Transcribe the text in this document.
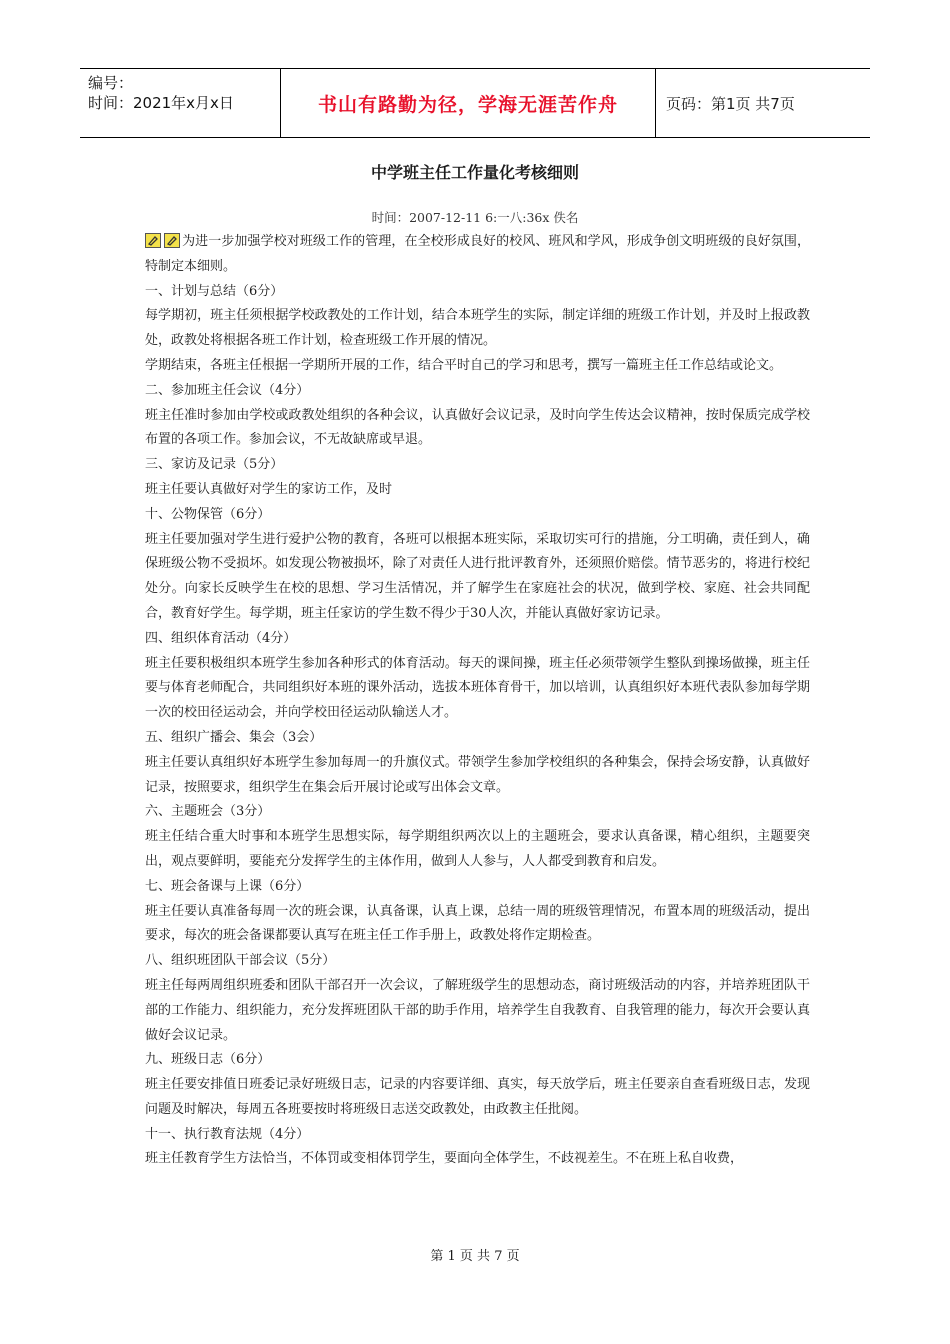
编号：
时间：2021年x月x日	书山有路勤为径，学海无涯苦作舟	页码：第1页 共7页
中学班主任工作量化考核细则
时间：2007-12-11 6:一八:36x 佚名

为进一步加强学校对班级工作的管理，在全校形成良好的校风、班风和学风，形成争创文明班级的良好氛围，特制定本细则。

一、计划与总结（6分）

每学期初，班主任须根据学校政教处的工作计划，结合本班学生的实际，制定详细的班级工作计划，并及时上报政教处，政教处将根据各班工作计划，检查班级工作开展的情况。

学期结束，各班主任根据一学期所开展的工作，结合平时自己的学习和思考，撰写一篇班主任工作总结或论文。

二、参加班主任会议（4分）

班主任准时参加由学校或政教处组织的各种会议，认真做好会议记录，及时向学生传达会议精神，按时保质完成学校布置的各项工作。参加会议，不无故缺席或早退。

三、家访及记录（5分）

班主任要认真做好对学生的家访工作，及时

十、公物保管（6分）

班主任要加强对学生进行爱护公物的教育，各班可以根据本班实际，采取切实可行的措施，分工明确，责任到人，确保班级公物不受损坏。如发现公物被损坏，除了对责任人进行批评教育外，还须照价赔偿。情节恶劣的，将进行校纪处分。向家长反映学生在校的思想、学习生活情况，并了解学生在家庭社会的状况，做到学校、家庭、社会共同配合，教育好学生。每学期，班主任家访的学生数不得少于30人次，并能认真做好家访记录。

四、组织体育活动（4分）

班主任要积极组织本班学生参加各种形式的体育活动。每天的课间操，班主任必须带领学生整队到操场做操，班主任要与体育老师配合，共同组织好本班的课外活动，选拔本班体育骨干，加以培训，认真组织好本班代表队参加每学期一次的校田径运动会，并向学校田径运动队输送人才。

五、组织广播会、集会（3会）

班主任要认真组织好本班学生参加每周一的升旗仪式。带领学生参加学校组织的各种集会，保持会场安静，认真做好记录，按照要求，组织学生在集会后开展讨论或写出体会文章。

六、主题班会（3分）

班主任结合重大时事和本班学生思想实际，每学期组织两次以上的主题班会，要求认真备课，精心组织，主题要突出，观点要鲜明，要能充分发挥学生的主体作用，做到人人参与，人人都受到教育和启发。

七、班会备课与上课（6分）

班主任要认真准备每周一次的班会课，认真备课，认真上课，总结一周的班级管理情况，布置本周的班级活动，提出要求，每次的班会备课都要认真写在班主任工作手册上，政教处将作定期检查。

八、组织班团队干部会议（5分）

班主任每两周组织班委和团队干部召开一次会议，了解班级学生的思想动态，商讨班级活动的内容，并培养班团队干部的工作能力、组织能力，充分发挥班团队干部的助手作用，培养学生自我教育、自我管理的能力，每次开会要认真做好会议记录。

九、班级日志（6分）

班主任要安排值日班委记录好班级日志，记录的内容要详细、真实，每天放学后，班主任要亲自查看班级日志，发现问题及时解决，每周五各班要按时将班级日志送交政教处，由政教主任批阅。

十一、执行教育法规（4分）

班主任教育学生方法恰当，不体罚或变相体罚学生，要面向全体学生，不歧视差生。不在班上私自收费，

第 1 页 共 7 页
